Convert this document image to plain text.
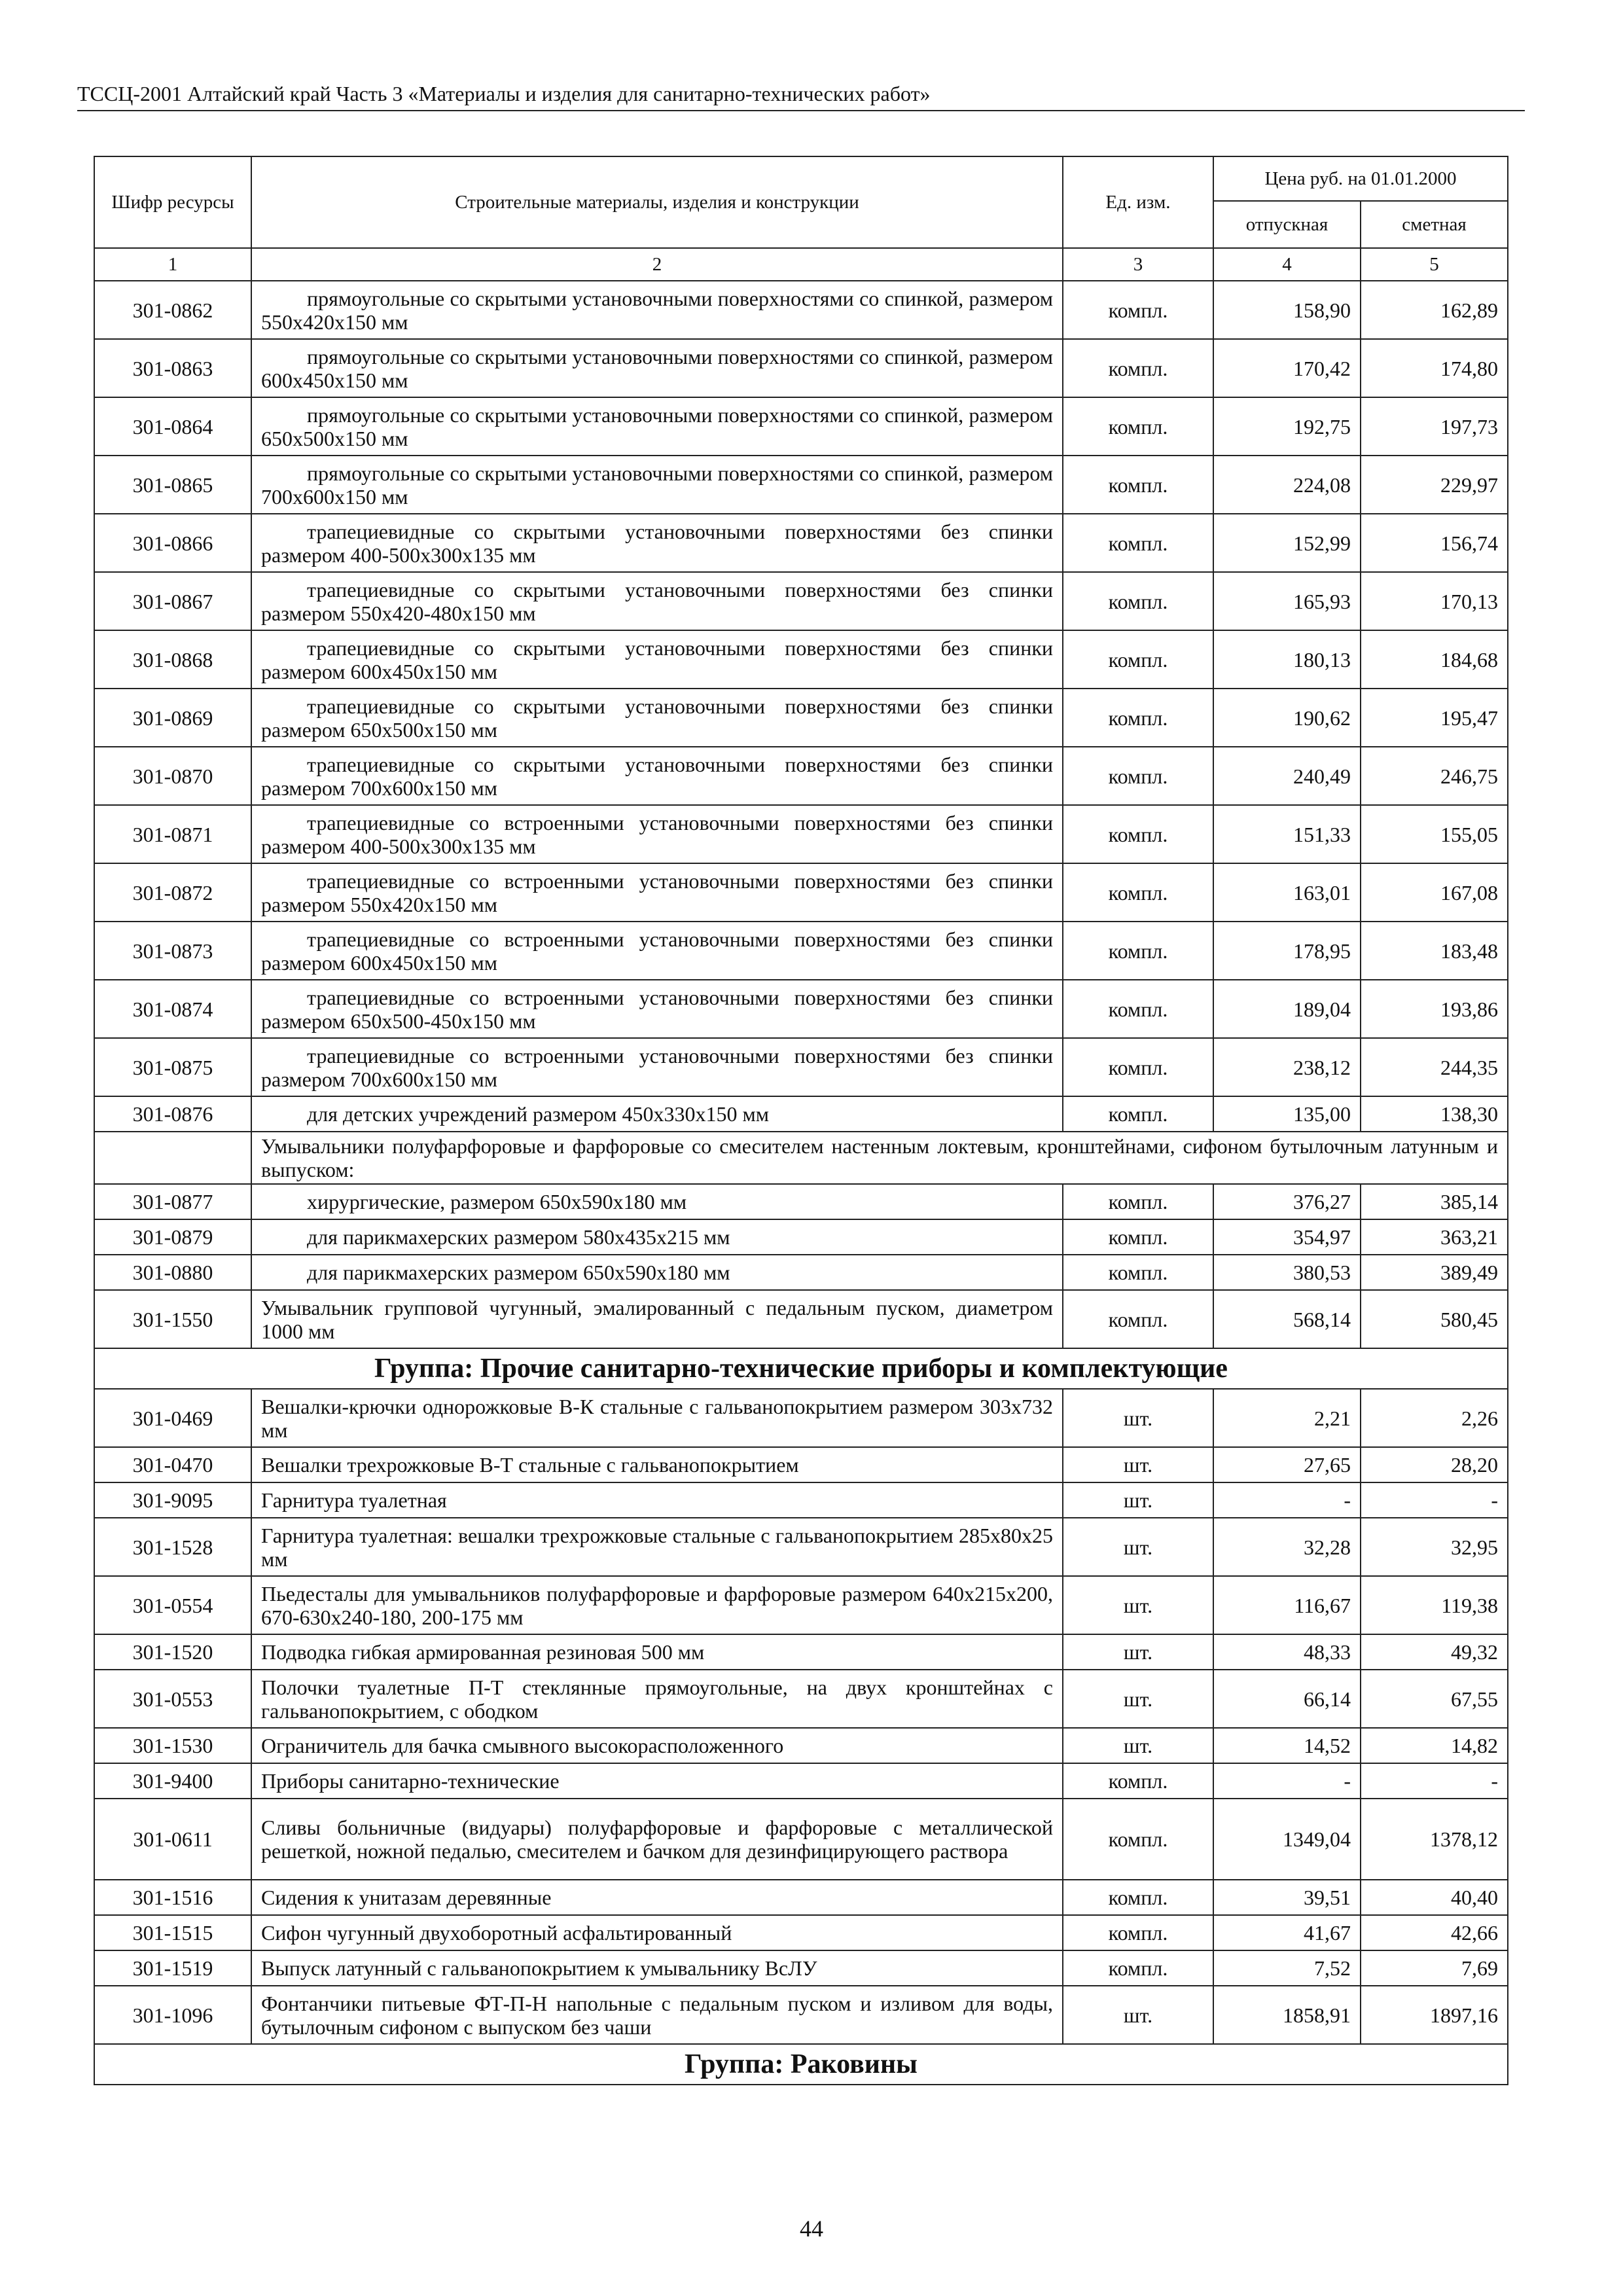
ТССЦ-2001 Алтайский край Часть 3 «Материалы и изделия для санитарно-технических работ»
Шифр ресурсы	Строительные материалы, изделия и конструкции	Ед. изм.	Цена руб. на 01.01.2000	
			отпускная	сметная
1	2	3	4	5
301-0862	прямоугольные со скрытыми установочными поверхностями со спинкой, размером 550x420x150 мм	компл.	158,90	162,89
301-0863	прямоугольные со скрытыми установочными поверхностями со спинкой, размером 600x450x150 мм	компл.	170,42	174,80
301-0864	прямоугольные со скрытыми установочными поверхностями со спинкой, размером 650x500x150 мм	компл.	192,75	197,73
301-0865	прямоугольные со скрытыми установочными поверхностями со спинкой, размером 700x600x150 мм	компл.	224,08	229,97
301-0866	трапециевидные со скрытыми установочными поверхностями без спинки размером 400-500x300x135 мм	компл.	152,99	156,74
301-0867	трапециевидные со скрытыми установочными поверхностями без спинки размером 550x420-480x150 мм	компл.	165,93	170,13
301-0868	трапециевидные со скрытыми установочными поверхностями без спинки размером 600x450x150 мм	компл.	180,13	184,68
301-0869	трапециевидные со скрытыми установочными поверхностями без спинки размером 650x500x150 мм	компл.	190,62	195,47
301-0870	трапециевидные со скрытыми установочными поверхностями без спинки размером 700x600x150 мм	компл.	240,49	246,75
301-0871	трапециевидные со встроенными установочными поверхностями без спинки размером 400-500x300x135 мм	компл.	151,33	155,05
301-0872	трапециевидные со встроенными установочными поверхностями без спинки размером 550x420x150 мм	компл.	163,01	167,08
301-0873	трапециевидные со встроенными установочными поверхностями без спинки размером 600x450x150 мм	компл.	178,95	183,48
301-0874	трапециевидные со встроенными установочными поверхностями без спинки размером 650x500-450x150 мм	компл.	189,04	193,86
301-0875	трапециевидные со встроенными установочными поверхностями без спинки размером 700x600x150 мм	компл.	238,12	244,35
301-0876	для детских учреждений размером 450x330x150 мм	компл.	135,00	138,30
	Умывальники полуфарфоровые и фарфоровые со смесителем настенным локтевым, кронштейнами, сифоном бутылочным латунным и выпуском:			
301-0877	хирургические, размером 650x590x180 мм	компл.	376,27	385,14
301-0879	для парикмахерских размером 580x435x215 мм	компл.	354,97	363,21
301-0880	для парикмахерских размером 650x590x180 мм	компл.	380,53	389,49
301-1550	Умывальник групповой чугунный, эмалированный с педальным пуском, диаметром 1000 мм	компл.	568,14	580,45
Группа: Прочие санитарно-технические приборы и комплектующие				
301-0469	Вешалки-крючки однорожковые В-К стальные с гальванопокрытием размером 303x732 мм	шт.	2,21	2,26
301-0470	Вешалки трехрожковые В-Т стальные с гальванопокрытием	шт.	27,65	28,20
301-9095	Гарнитура туалетная	шт.	-	-
301-1528	Гарнитура туалетная: вешалки трехрожковые стальные с гальванопокрытием 285x80x25 мм	шт.	32,28	32,95
301-0554	Пьедесталы для умывальников полуфарфоровые и фарфоровые размером 640x215x200, 670-630x240-180, 200-175 мм	шт.	116,67	119,38
301-1520	Подводка гибкая армированная резиновая 500 мм	шт.	48,33	49,32
301-0553	Полочки туалетные П-Т стеклянные прямоугольные, на двух кронштейнах с гальванопокрытием, с ободком	шт.	66,14	67,55
301-1530	Ограничитель для бачка смывного высокорасположенного	шт.	14,52	14,82
301-9400	Приборы санитарно-технические	компл.	-	-
301-0611	Сливы больничные (видуары) полуфарфоровые и фарфоровые с металлической решеткой, ножной педалью, смесителем и бачком для дезинфицирующего раствора	компл.	1349,04	1378,12
301-1516	Сидения к унитазам деревянные	компл.	39,51	40,40
301-1515	Сифон чугунный двухоборотный асфальтированный	компл.	41,67	42,66
301-1519	Выпуск латунный с гальванопокрытием к умывальнику ВсЛУ	компл.	7,52	7,69
301-1096	Фонтанчики питьевые ФТ-П-Н напольные с педальным пуском и изливом для воды, бутылочным сифоном с выпуском без чаши	шт.	1858,91	1897,16
Группа: Раковины				
44
